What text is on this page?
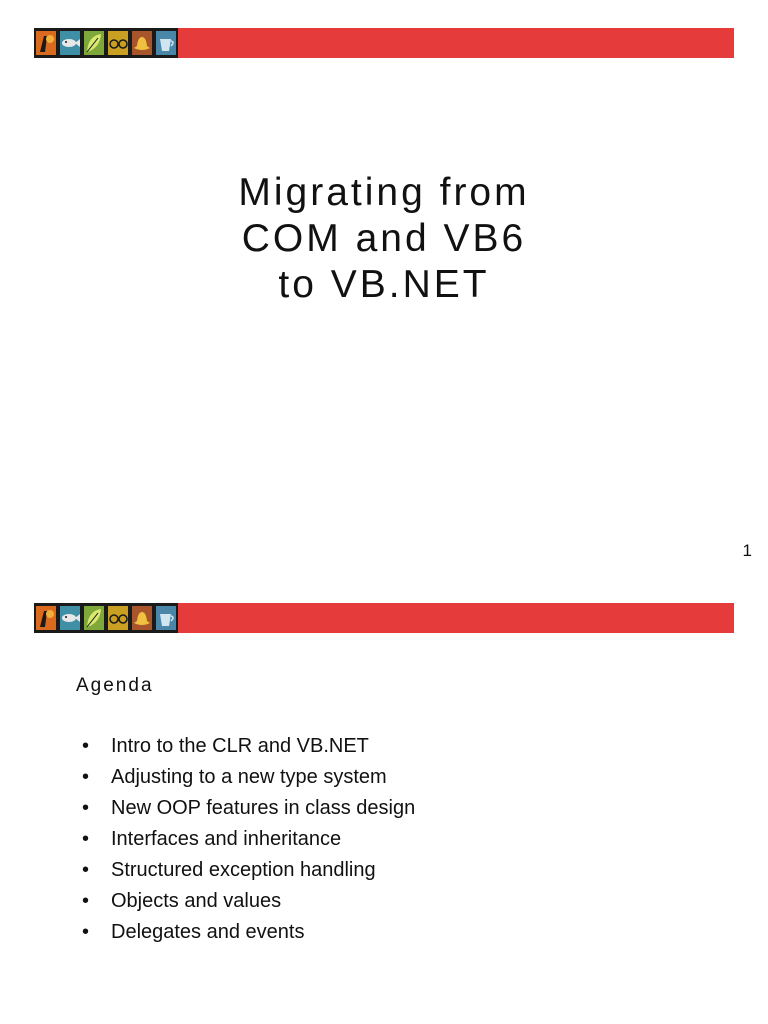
Migrating from
COM and VB6
to VB.NET
1
Agenda
•	Intro to the CLR and VB.NET
•	Adjusting to a new type system
•	New OOP features in class design
•	Interfaces and inheritance
•	Structured exception handling
•	Objects and values
•	Delegates and events
